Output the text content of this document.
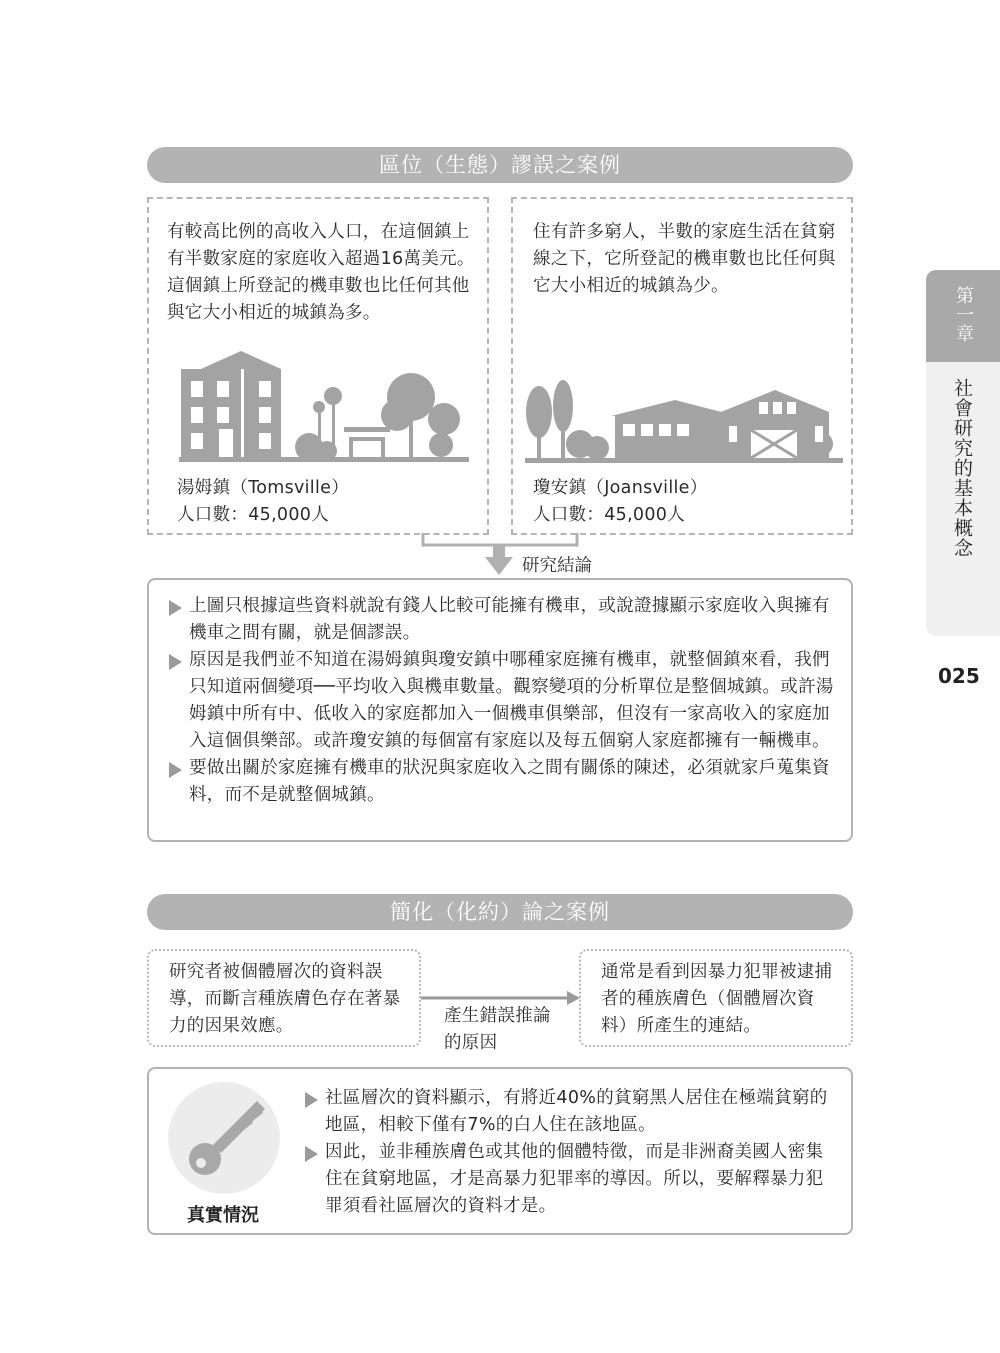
第一章
社會研究的基本概念
025
區位（生態）謬誤之案例
有較高比例的高收入人口，在這個鎮上有半數家庭的家庭收入超過16萬美元。這個鎮上所登記的機車數也比任何其他與它大小相近的城鎮為多。
湯姆鎮（Tomsville）
人口數：45,000人
住有許多窮人，半數的家庭生活在貧窮線之下，它所登記的機車數也比任何與它大小相近的城鎮為少。
瓊安鎮（Joansville）
人口數：45,000人
研究結論
上圖只根據這些資料就說有錢人比較可能擁有機車，或說證據顯示家庭收入與擁有機車之間有關，就是個謬誤。
原因是我們並不知道在湯姆鎮與瓊安鎮中哪種家庭擁有機車，就整個鎮來看，我們只知道兩個變項──平均收入與機車數量。觀察變項的分析單位是整個城鎮。或許湯姆鎮中所有中、低收入的家庭都加入一個機車俱樂部，但沒有一家高收入的家庭加入這個俱樂部。或許瓊安鎮的每個富有家庭以及每五個窮人家庭都擁有一輛機車。
要做出關於家庭擁有機車的狀況與家庭收入之間有關係的陳述，必須就家戶蒐集資料，而不是就整個城鎮。
簡化（化約）論之案例
研究者被個體層次的資料誤導，而斷言種族膚色存在著暴力的因果效應。	產生錯誤推論的原因
通常是看到因暴力犯罪被逮捕者的種族膚色（個體層次資料）所產生的連結。
真實情況
社區層次的資料顯示，有將近40%的貧窮黑人居住在極端貧窮的地區，相較下僅有7%的白人住在該地區。
因此，並非種族膚色或其他的個體特徵，而是非洲裔美國人密集住在貧窮地區，才是高暴力犯罪率的導因。所以，要解釋暴力犯罪須看社區層次的資料才是。
